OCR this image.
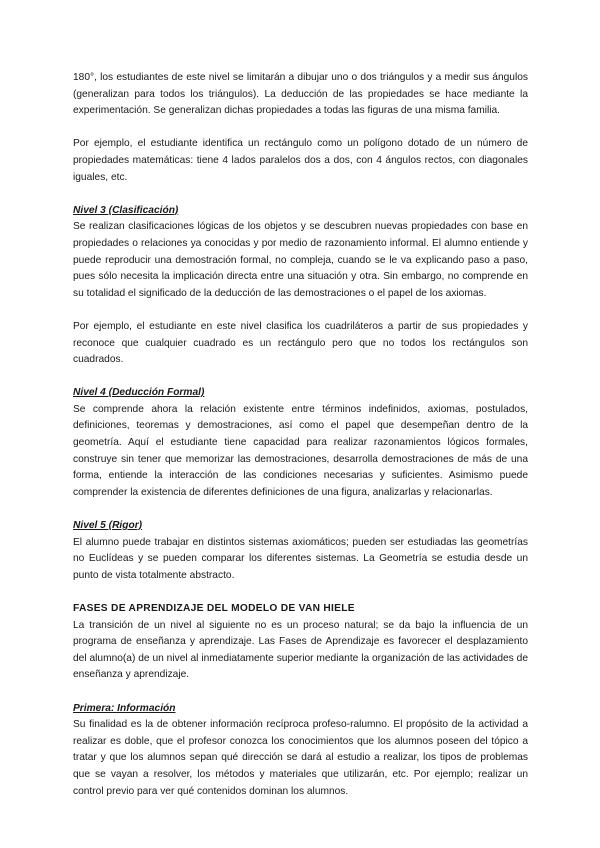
180°, los estudiantes de este nivel se limitarán a dibujar uno o dos triángulos y a medir sus ángulos (generalizan para todos los triángulos). La deducción de las propiedades se hace mediante la experimentación. Se generalizan dichas propiedades a todas las figuras de una misma familia.

Por ejemplo, el estudiante identifica un rectángulo como un polígono dotado de un número de propiedades matemáticas: tiene 4 lados paralelos dos a dos, con 4 ángulos rectos, con diagonales iguales, etc.

Nivel 3 (Clasificación)

Se realizan clasificaciones lógicas de los objetos y se descubren nuevas propiedades con base en propiedades o relaciones ya conocidas y por medio de razonamiento informal. El alumno entiende y puede reproducir una demostración formal, no compleja, cuando se le va explicando paso a paso, pues sólo necesita la implicación directa entre una situación y otra. Sin embargo, no comprende en su totalidad el significado de la deducción de las demostraciones o el papel de los axiomas.

Por ejemplo, el estudiante en este nivel clasifica los cuadriláteros a partir de sus propiedades y reconoce que cualquier cuadrado es un rectángulo pero que no todos los rectángulos son cuadrados.

Nivel 4 (Deducción Formal)

Se comprende ahora la relación existente entre términos indefinidos, axiomas, postulados, definiciones, teoremas y demostraciones, así como el papel que desempeñan dentro de la geometría. Aquí el estudiante tiene capacidad para realizar razonamientos lógicos formales, construye sin tener que memorizar las demostraciones, desarrolla demostraciones de más de una forma, entiende la interacción de las condiciones necesarias y suficientes. Asimismo puede comprender la existencia de diferentes definiciones de una figura, analizarlas y relacionarlas.

Nivel 5 (Rigor)

El alumno puede trabajar en distintos sistemas axiomáticos; pueden ser estudiadas las geometrías no Euclídeas y se pueden comparar los diferentes sistemas. La Geometría se estudia desde un punto de vista totalmente abstracto.

FASES DE APRENDIZAJE DEL MODELO DE VAN HIELE

La transición de un nivel al siguiente no es un proceso natural; se da bajo la influencia de un programa de enseñanza y aprendizaje. Las Fases de Aprendizaje es favorecer el desplazamiento del alumno(a) de un nivel al inmediatamente superior mediante la organización de las actividades de enseñanza y aprendizaje.

Primera: Información

Su finalidad es la de obtener información recíproca profeso-ralumno. El propósito de la actividad a realizar es doble, que el profesor conozca los conocimientos que los alumnos poseen del tópico a tratar y que los alumnos sepan qué dirección se dará al estudio a realizar, los tipos de problemas que se vayan a resolver, los métodos y materiales que utilizarán, etc. Por ejemplo; realizar un control previo para ver qué contenidos dominan los alumnos.
